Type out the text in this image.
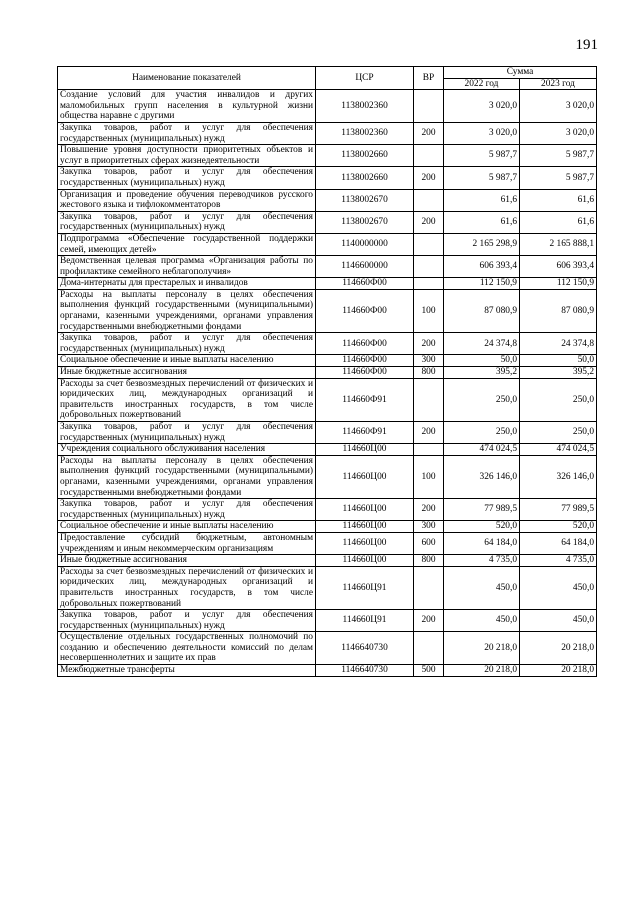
191
Наименование показателей	ЦСР	ВР	Сумма	
			2022 год	2023 год
Создание условий для участия инвалидов и других маломобильных групп населения в культурной жизни общества наравне с другими	1138002360		3 020,0	3 020,0
Закупка товаров, работ и услуг для обеспечения государственных (муниципальных) нужд	1138002360	200	3 020,0	3 020,0
Повышение уровня доступности приоритетных объектов и услуг в приоритетных сферах жизнедеятельности	1138002660		5 987,7	5 987,7
Закупка товаров, работ и услуг для обеспечения государственных (муниципальных) нужд	1138002660	200	5 987,7	5 987,7
Организация и проведение обучения переводчиков русского жестового языка и тифлокомментаторов	1138002670		61,6	61,6
Закупка товаров, работ и услуг для обеспечения государственных (муниципальных) нужд	1138002670	200	61,6	61,6
Подпрограмма «Обеспечение государственной поддержки семей, имеющих детей»	1140000000		2 165 298,9	2 165 888,1
Ведомственная целевая программа «Организация работы по профилактике семейного неблагополучия»	1146600000		606 393,4	606 393,4
Дома-интернаты для престарелых и инвалидов	114660Ф00		112 150,9	112 150,9
Расходы на выплаты персоналу в целях обеспечения выполнения функций государственными (муниципальными) органами, казенными учреждениями, органами управления государственными внебюджетными фондами	114660Ф00	100	87 080,9	87 080,9
Закупка товаров, работ и услуг для обеспечения государственных (муниципальных) нужд	114660Ф00	200	24 374,8	24 374,8
Социальное обеспечение и иные выплаты населению	114660Ф00	300	50,0	50,0
Иные бюджетные ассигнования	114660Ф00	800	395,2	395,2
Расходы за счет безвозмездных перечислений от физических и юридических лиц, международных организаций и правительств иностранных государств, в том числе добровольных пожертвований	114660Ф91		250,0	250,0
Закупка товаров, работ и услуг для обеспечения государственных (муниципальных) нужд	114660Ф91	200	250,0	250,0
Учреждения социального обслуживания населения	114660Ц00		474 024,5	474 024,5
Расходы на выплаты персоналу в целях обеспечения выполнения функций государственными (муниципальными) органами, казенными учреждениями, органами управления государственными внебюджетными фондами	114660Ц00	100	326 146,0	326 146,0
Закупка товаров, работ и услуг для обеспечения государственных (муниципальных) нужд	114660Ц00	200	77 989,5	77 989,5
Социальное обеспечение и иные выплаты населению	114660Ц00	300	520,0	520,0
Предоставление субсидий бюджетным, автономным учреждениям и иным некоммерческим организациям	114660Ц00	600	64 184,0	64 184,0
Иные бюджетные ассигнования	114660Ц00	800	4 735,0	4 735,0
Расходы за счет безвозмездных перечислений от физических и юридических лиц, международных организаций и правительств иностранных государств, в том числе добровольных пожертвований	114660Ц91		450,0	450,0
Закупка товаров, работ и услуг для обеспечения государственных (муниципальных) нужд	114660Ц91	200	450,0	450,0
Осуществление отдельных государственных полномочий по созданию и обеспечению деятельности комиссий по делам несовершеннолетних и защите их прав	1146640730		20 218,0	20 218,0
Межбюджетные трансферты	1146640730	500	20 218,0	20 218,0
